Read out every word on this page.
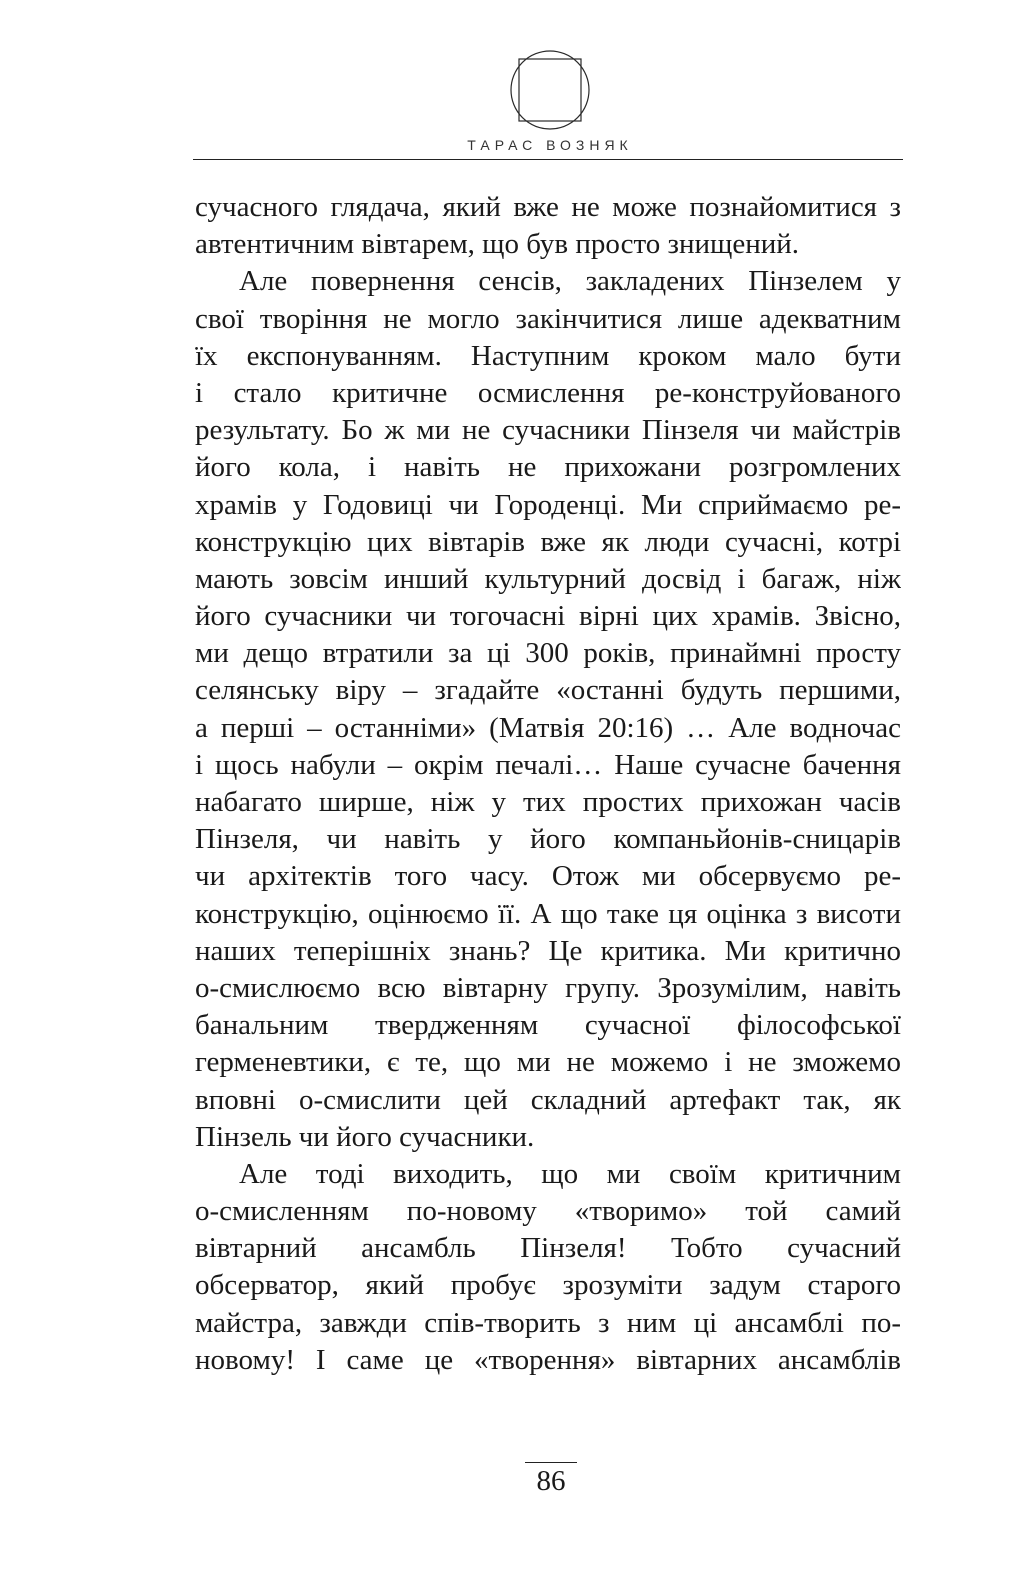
ТАРАС ВОЗНЯК
сучасного глядача, який вже не може познайомитися з
автентичним вівтарем, що був просто знищений.
Але повернення сенсів, закладених Пінзелем у
свої творіння не могло закінчитися лише адекватним
їх експонуванням. Наступним кроком мало бути
і стало критичне осмислення ре-конструйованого
результату. Бо ж ми не сучасники Пінзеля чи майстрів
його кола, і навіть не прихожани розгромлених
храмів у Годовиці чи Городенці. Ми сприймаємо ре-
конструкцію цих вівтарів вже як люди сучасні, котрі
мають зовсім инший культурний досвід і багаж, ніж
його сучасники чи тогочасні вірні цих храмів. Звісно,
ми дещо втратили за ці 300 років, принаймні просту
селянську віру – згадайте «останні будуть першими,
а перші – останніми» (Матвія 20:16) … Але водночас
і щось набули – окрім печалі… Наше сучасне бачення
набагато ширше, ніж у тих простих прихожан часів
Пінзеля, чи навіть у його компаньйонів-сницарів
чи архітектів того часу. Отож ми обсервуємо ре-
конструкцію, оцінюємо її. А що таке ця оцінка з висоти
наших теперішніх знань? Це критика. Ми критично
о-смислюємо всю вівтарну групу. Зрозумілим, навіть
банальним твердженням сучасної філософської
герменевтики, є те, що ми не можемо і не зможемо
вповні о-смислити цей складний артефакт так, як
Пінзель чи його сучасники.
Але тоді виходить, що ми своїм критичним
о-смисленням по-новому «творимо» той самий
вівтарний ансамбль Пінзеля! Тобто сучасний
обсерватор, який пробує зрозуміти задум старого
майстра, завжди спів-творить з ним ці ансамблі по-
новому! І саме це «творення» вівтарних ансамблів
86
